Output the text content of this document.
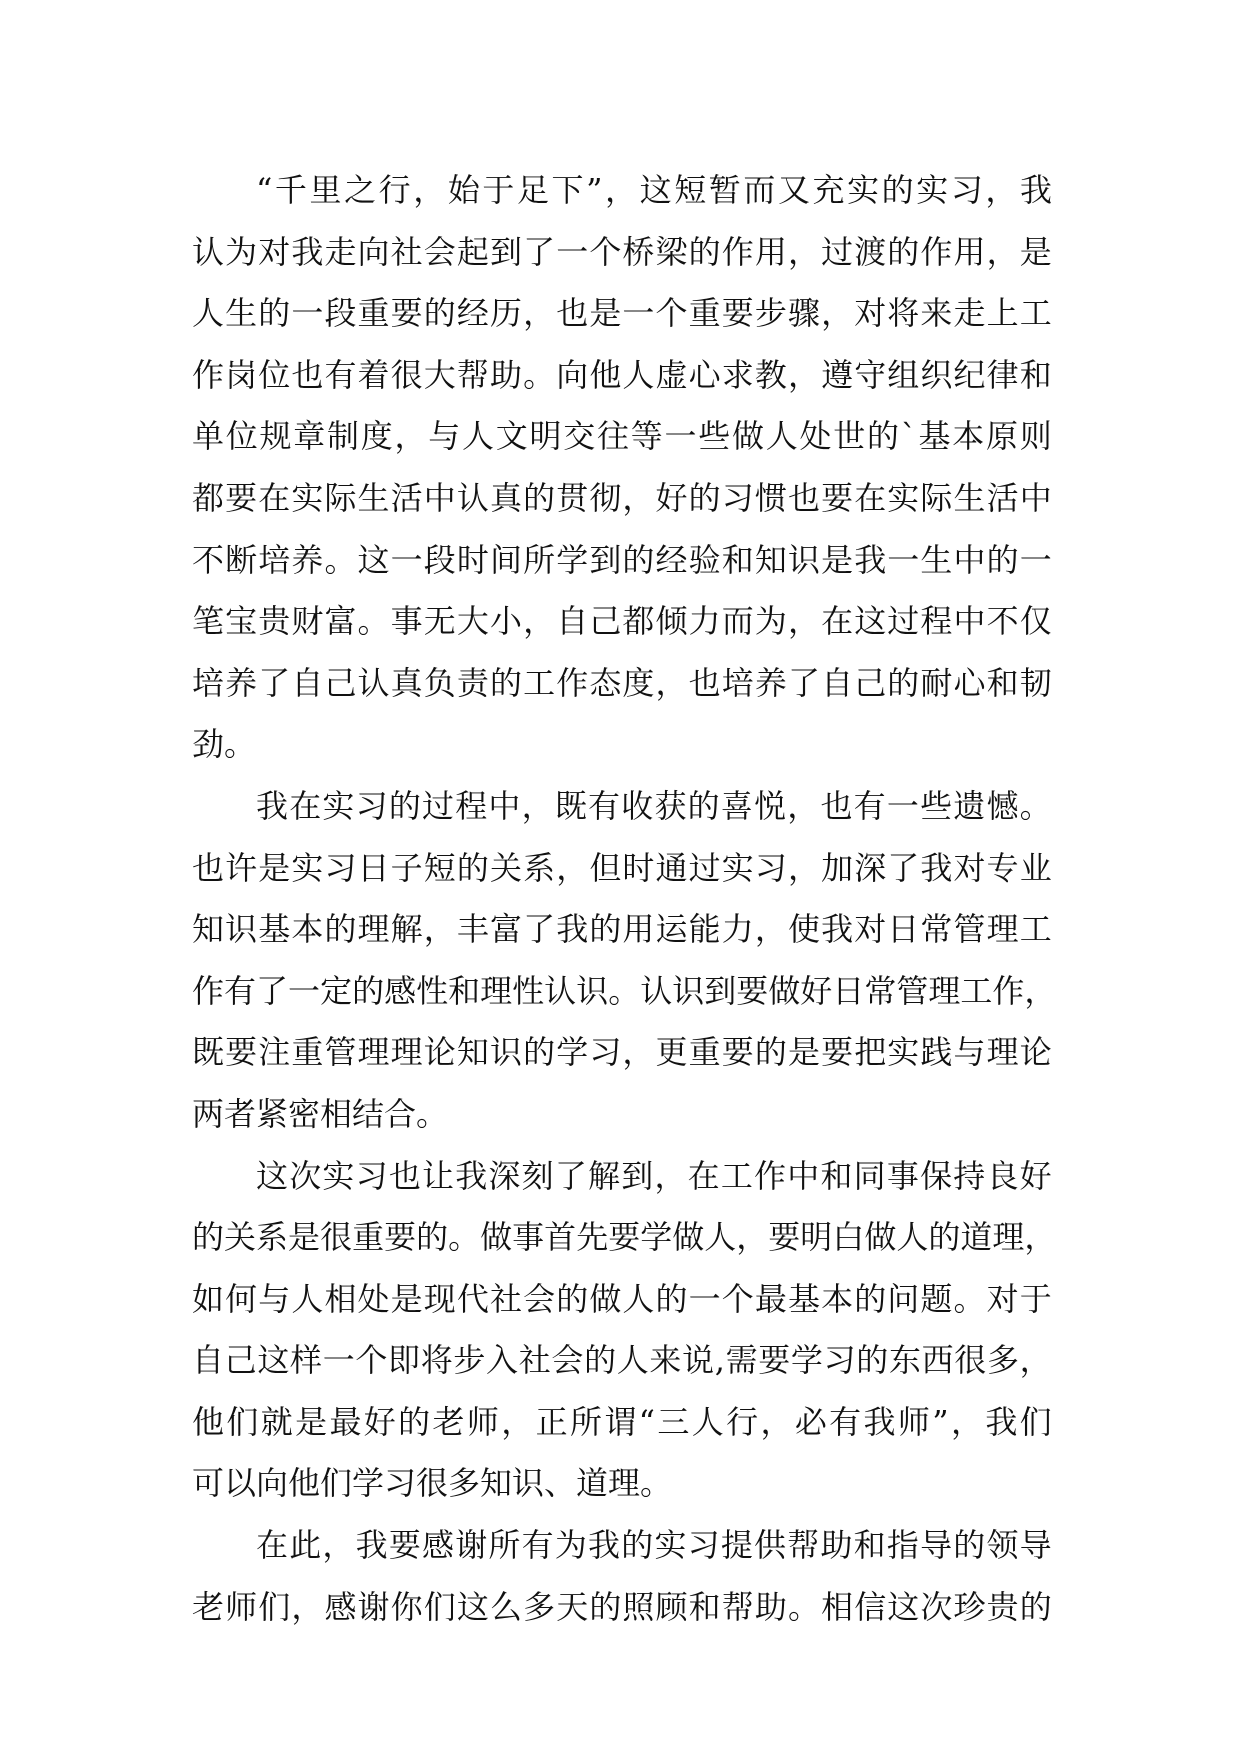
“ 千 里 之 行 ， 始 于 足 下 ” ， 这 短 暂 而 又 充 实 的 实 习 ， 我
认 为 对 我 走 向 社 会 起 到 了 一 个 桥 梁 的 作 用 ， 过 渡 的 作 用 ， 是
人 生 的 一 段 重 要 的 经 历 ， 也 是 一 个 重 要 步 骤 ， 对 将 来 走 上 工
作 岗 位 也 有 着 很 大 帮 助 。 向 他 人 虚 心 求 教 ， 遵 守 组 织 纪 律 和
单 位 规 章 制 度 ， 与 人 文 明 交 往 等 一 些 做 人 处 世 的 ` 基 本 原 则
都 要 在 实 际 生 活 中 认 真 的 贯 彻 ， 好 的 习 惯 也 要 在 实 际 生 活 中
不 断 培 养 。 这 一 段 时 间 所 学 到 的 经 验 和 知 识 是 我 一 生 中 的 一
笔 宝 贵 财 富 。 事 无 大 小 ， 自 己 都 倾 力 而 为 ， 在 这 过 程 中 不 仅
培 养 了 自 己 认 真 负 责 的 工 作 态 度 ， 也 培 养 了 自 己 的 耐 心 和 韧
劲。
我 在 实 习 的 过 程 中 ， 既 有 收 获 的 喜 悦 ， 也 有 一 些 遗 憾 。
也 许 是 实 习 日 子 短 的 关 系 ， 但 时 通 过 实 习 ， 加 深 了 我 对 专 业
知 识 基 本 的 理 解 ， 丰 富 了 我 的 用 运 能 力 ， 使 我 对 日 常 管 理 工
作 有 了 一 定 的 感 性 和 理 性 认 识 。 认 识 到 要 做 好 日 常 管 理 工 作 ，
既 要 注 重 管 理 理 论 知 识 的 学 习 ， 更 重 要 的 是 要 把 实 践 与 理 论
两者紧密相结合。
这 次 实 习 也 让 我 深 刻 了 解 到 ， 在 工 作 中 和 同 事 保 持 良 好
的 关 系 是 很 重 要 的 。 做 事 首 先 要 学 做 人 ， 要 明 白 做 人 的 道 理 ，
如 何 与 人 相 处 是 现 代 社 会 的 做 人 的 一 个 最 基 本 的 问 题 。 对 于
自 己 这 样 一 个 即 将 步 入 社 会 的 人 来 说 , 需 要 学 习 的 东 西 很 多 ，
他 们 就 是 最 好 的 老 师 ， 正 所 谓 “ 三 人 行 ， 必 有 我 师 ” ， 我 们
可以向他们学习很多知识、道理。
在 此 ， 我 要 感 谢 所 有 为 我 的 实 习 提 供 帮 助 和 指 导 的 领 导
老 师 们 ， 感 谢 你 们 这 么 多 天 的 照 顾 和 帮 助 。 相 信 这 次 珍 贵 的
